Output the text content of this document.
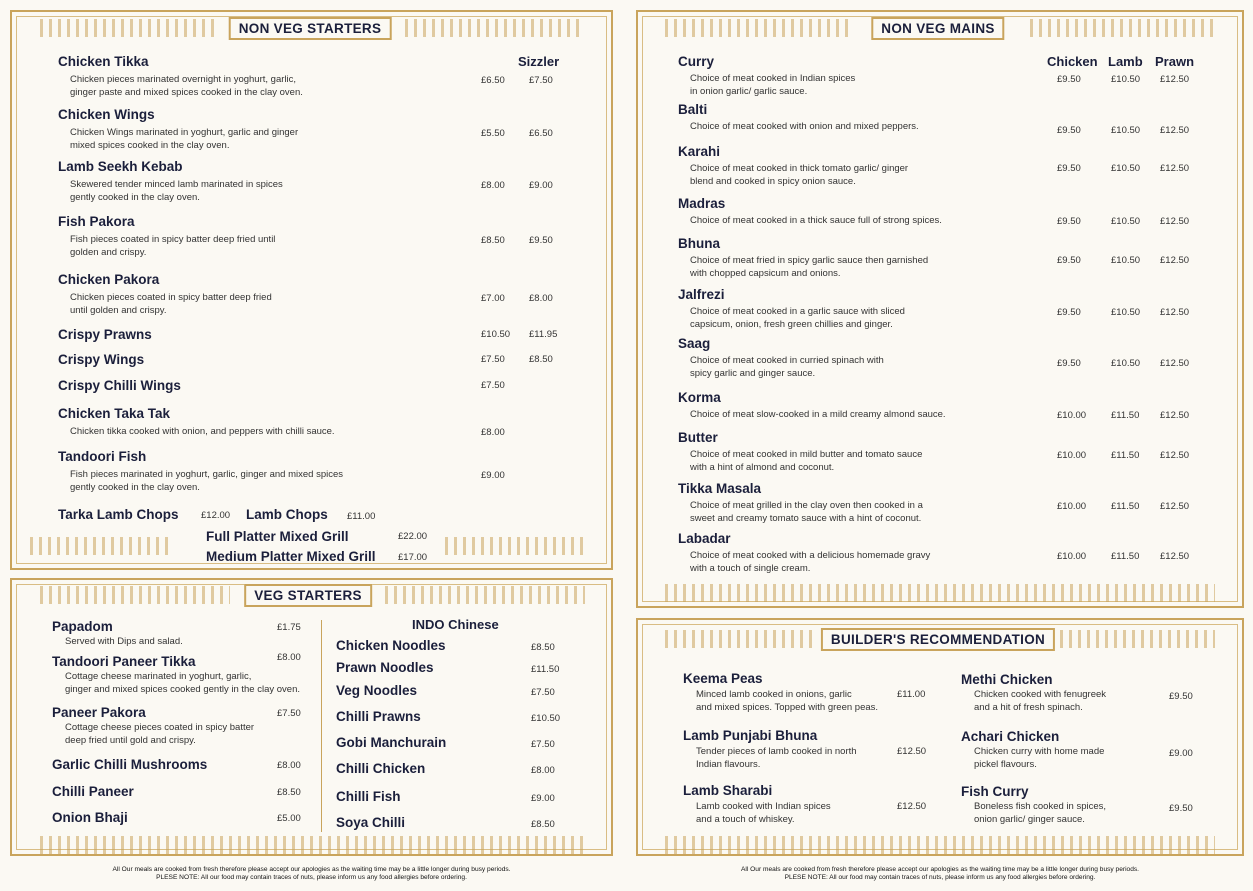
NON VEG STARTERS
VEG STARTERS
NON VEG MAINS
BUILDER'S RECOMMENDATION
Sizzler
Chicken Tikka
Chicken pieces marinated overnight in yoghurt, garlic,
ginger paste and mixed spices cooked in the clay oven.
£6.50	£7.50
Chicken Wings
Chicken Wings marinated in yoghurt, garlic and ginger
mixed spices cooked in the clay oven.
£5.50	£6.50
Lamb Seekh Kebab
Skewered tender minced lamb marinated in spices
gently cooked in the clay oven.
£8.00	£9.00
Fish Pakora
Fish pieces coated in spicy batter deep fried until
golden and crispy.
£8.50	£9.50
Chicken Pakora
Chicken pieces coated in spicy batter deep fried
until golden and crispy.
£7.00	£8.00
Crispy Prawns	£10.50 £11.95
Crispy Wings	£7.50	£8.50
Crispy Chilli Wings	£7.50
Chicken Taka Tak
Chicken tikka cooked with onion, and peppers with chilli sauce.	£8.00
Tandoori Fish
Fish pieces marinated in yoghurt, garlic, ginger and mixed spices
gently cooked in the clay oven.
£9.00
Tarka Lamb Chops £12.00 Lamb Chops £11.00
Full Platter Mixed Grill	£22.00
Medium Platter Mixed Grill £17.00
Papadom
Served with Dips and salad.
£1.75
Tandoori Paneer Tikka
Cottage cheese marinated in yoghurt, garlic,
ginger and mixed spices cooked gently in the clay oven.
£8.00
Paneer Pakora
Cottage cheese pieces coated in spicy batter
deep fried until gold and crispy.
£7.50
Garlic Chilli Mushrooms	£8.00
Chilli Paneer	£8.50
Onion Bhaji	£5.00
INDO Chinese
Chicken Noodles	£8.50
Prawn Noodles	£11.50
Veg Noodles	£7.50
Chilli Prawns	£10.50
Gobi Manchurain	£7.50
Chilli Chicken	£8.00
Chilli Fish	£9.00
Soya Chilli	£8.50
Chicken Lamb Prawn
Curry
Choice of meat cooked in Indian spices
in onion garlic/ garlic sauce.
£9.50	£10.50 £12.50
Balti
Choice of meat cooked with onion and mixed peppers.	£9.50	£10.50 £12.50
Karahi
Choice of meat cooked in thick tomato garlic/ ginger
blend and cooked in spicy onion sauce.
£9.50	£10.50 £12.50
Madras
Choice of meat cooked in a thick sauce full of strong spices.	£9.50	£10.50 £12.50
Bhuna
Choice of meat fried in spicy garlic sauce then garnished
with chopped capsicum and onions.
£9.50	£10.50 £12.50
Jalfrezi
Choice of meat cooked in a garlic sauce with sliced
capsicum, onion, fresh green chillies and ginger.
£9.50	£10.50 £12.50
Saag
Choice of meat cooked in curried spinach with
spicy garlic and ginger sauce.
£9.50	£10.50 £12.50
Korma
Choice of meat slow-cooked in a mild creamy almond sauce.	£10.00	£11.50 £12.50
Butter
Choice of meat cooked in mild butter and tomato sauce
with a hint of almond and coconut.
£10.00	£11.50 £12.50
Tikka Masala
Choice of meat grilled in the clay oven then cooked in a
sweet and creamy tomato sauce with a hint of coconut.
£10.00	£11.50 £12.50
Labadar
Choice of meat cooked with a delicious homemade gravy
with a touch of single cream.
£10.00	£11.50 £12.50
Keema Peas
Minced lamb cooked in onions, garlic
and mixed spices. Topped with green peas.
£11.00
Lamb Punjabi Bhuna
Tender pieces of lamb cooked in north
Indian flavours.
£12.50
Lamb Sharabi
Lamb cooked with Indian spices
and a touch of whiskey.
£12.50
Methi Chicken
Chicken cooked with fenugreek
and a hit of fresh spinach.
£9.50
Achari Chicken
Chicken curry with home made
pickel flavours.
£9.00
Fish Curry
Boneless fish cooked in spices,
onion garlic/ ginger sauce.
£9.50
All Our meals are cooked from fresh therefore please accept our apologies as the waiting time may be a little longer during busy periods.
PLESE NOTE: All our food may contain traces of nuts, please inform us any food allergies before ordering.
All Our meals are cooked from fresh therefore please accept our apologies as the waiting time may be a little longer during busy periods.
PLESE NOTE: All our food may contain traces of nuts, please inform us any food allergies before ordering.
